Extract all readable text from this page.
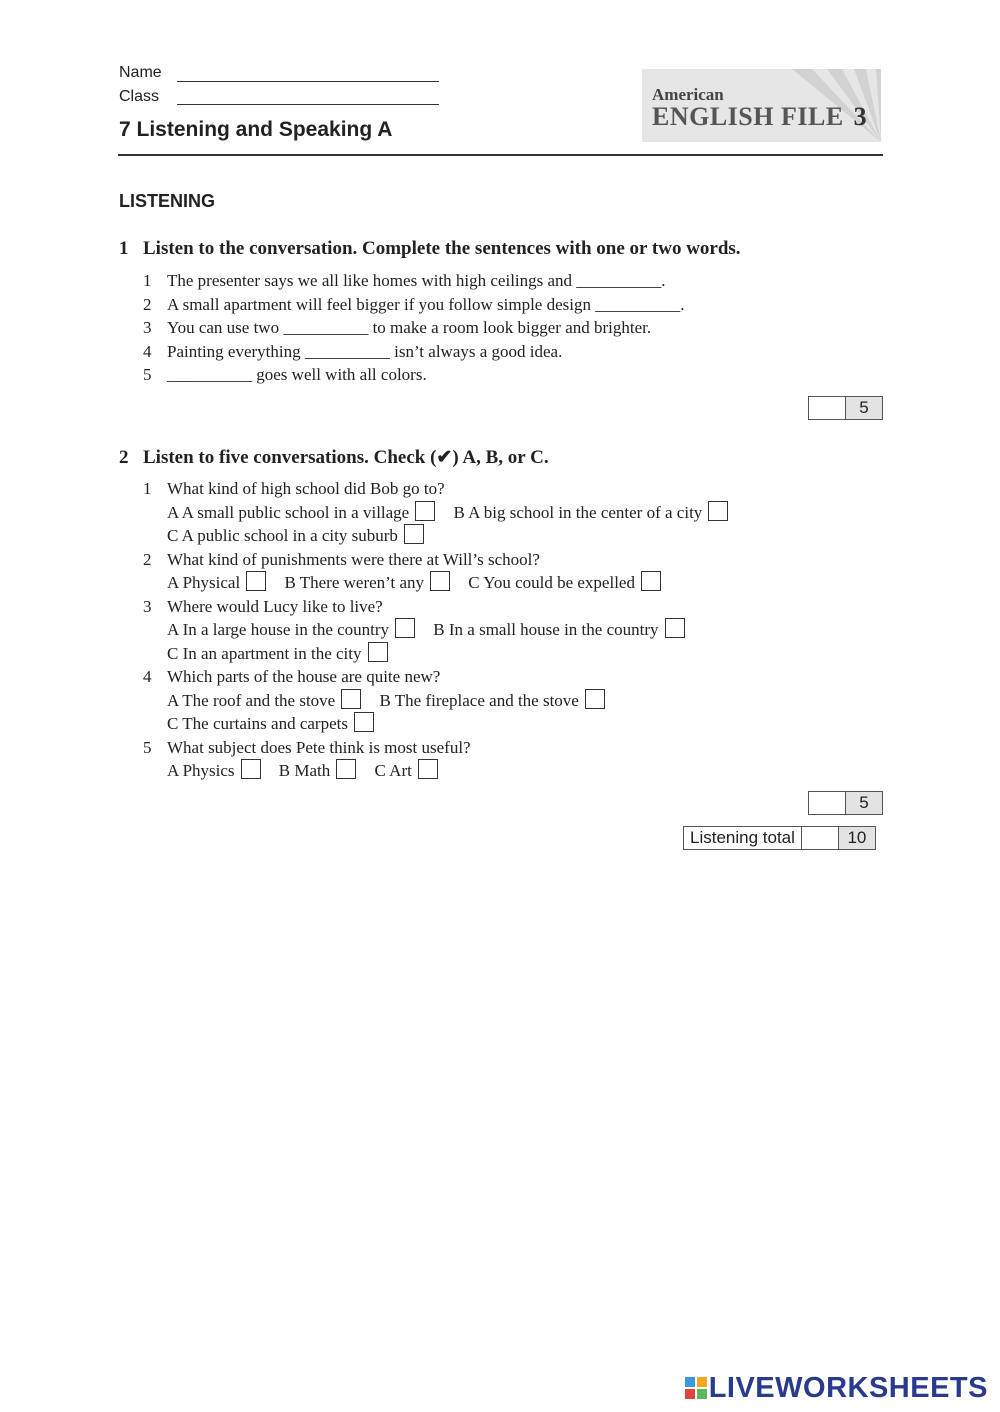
Name
Class
7 Listening and Speaking A
American
ENGLISH FILE 3
LISTENING
1 Listen to the conversation. Complete the sentences with one or two words.
1 The presenter says we all like homes with high ceilings and __________.
2 A small apartment will feel bigger if you follow simple design __________.
3 You can use two __________ to make a room look bigger and brighter.
4 Painting everything __________ isn’t always a good idea.
5 __________ goes well with all colors.
5
2 Listen to five conversations. Check (✔) A, B, or C.
1 What kind of high school did Bob go to?
A A small public school in a village	B A big school in the center of a city
C A public school in a city suburb
2 What kind of punishments were there at Will’s school?
A Physical	B There weren’t any	C You could be expelled
3 Where would Lucy like to live?
A In a large house in the country	B In a small house in the country
C In an apartment in the city
4 Which parts of the house are quite new?
A The roof and the stove	B The fireplace and the stove
C The curtains and carpets
5 What subject does Pete think is most useful?
A Physics	B Math	C Art
5
Listening total	10
LIVEWORKSHEETS
